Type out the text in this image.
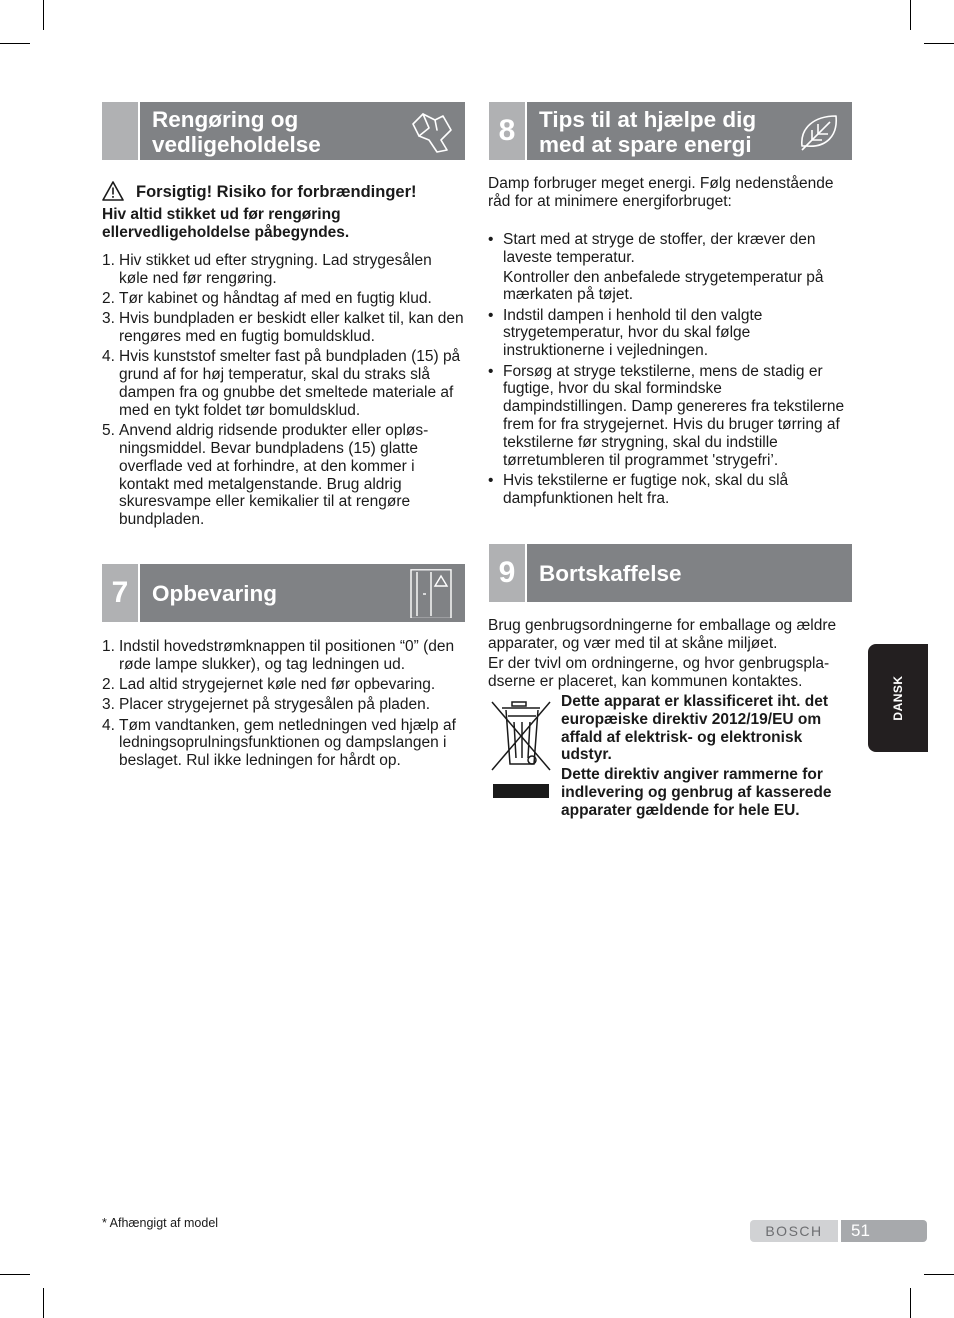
Rengøring og
vedligeholdelse
Forsigtig! Risiko for forbrændinger!
Hiv altid stikket ud før rengøring ellervedligeholdelse påbegyndes.
1. Hiv stikket ud efter strygning. Lad strygesålen køle ned før rengøring.
2. Tør kabinet og håndtag af med en fugtig klud.
3. Hvis bundpladen er beskidt eller kalket til, kan den rengøres med en fugtig bomuldsklud.
4. Hvis kunststof smelter fast på bundpladen (15) på grund af for høj temperatur, skal du straks slå dampen fra og gnubbe det smeltede materiale af med en tykt foldet tør bomuldsklud.
5. Anvend aldrig ridsende produkter eller opløs-ningsmiddel. Bevar bundpladens (15) glatte overflade ved at forhindre, at den kommer i kontakt med metalgenstande. Brug aldrig skuresvampe eller kemikalier til at rengøre bundpladen.
7	Opbevaring
1. Indstil hovedstrømknappen til positionen “0” (den røde lampe slukker), og tag ledningen ud.
2. Lad altid strygejernet køle ned før opbevaring.
3. Placer strygejernet på strygesålen på pladen.
4. Tøm vandtanken, gem netledningen ved hjælp af ledningsoprulningsfunktionen og dampslangen i beslaget. Rul ikke ledningen for hårdt op.
8	Tips til at hjælpe dig
med at spare energi
Damp forbruger meget energi. Følg nedenstående råd for at minimere energiforbruget:
• Start med at stryge de stoffer, der kræver den laveste temperatur.
Kontroller den anbefalede strygetemperatur på mærkaten på tøjet.
• Indstil dampen i henhold til den valgte strygetemperatur, hvor du skal følge instruktionerne i vejledningen.
• Forsøg at stryge tekstilerne, mens de stadig er fugtige, hvor du skal formindske dampindstillingen. Damp genereres fra tekstilerne frem for fra strygejernet. Hvis du bruger tørring af tekstilerne før strygning, skal du indstille tørretumbleren til programmet 'strygefri’.
• Hvis tekstilerne er fugtige nok, skal du slå dampfunktionen helt fra.
9	Bortskaffelse
Brug genbrugsordningerne for emballage og ældre apparater, og vær med til at skåne miljøet.
Er der tvivl om ordningerne, og hvor genbrugspla-dserne er placeret, kan kommunen kontaktes.
Dette apparat er klassificeret iht. det europæiske direktiv 2012/19/EU om affald af elektrisk- og elektronisk udstyr.
Dette direktiv angiver rammerne for indlevering og genbrug af kasserede apparater gældende for hele EU.
DANSK
* Afhængigt af model	BOSCH	51
